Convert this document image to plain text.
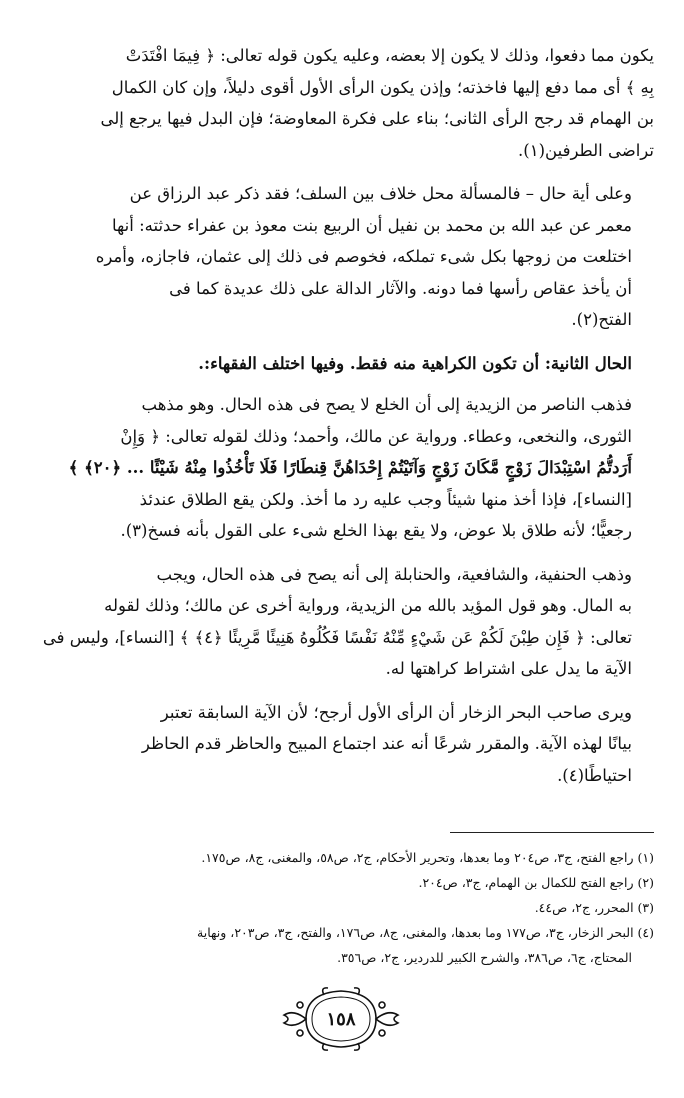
يكون مما دفعوا، وذلك لا يكون إلا بعضه، وعليه يكون قوله تعالى: ﴿ فِيمَا افْتَدَتْ
بِهِ ﴾ أى مما دفع إليها فاخذته؛ وإذن يكون الرأى الأول أقوى دليلاً، وإن كان الكمال
بن الهمام قد رجح الرأى الثانى؛ بناء على فكرة المعاوضة؛ فإن البدل فيها يرجع إلى
تراضى الطرفين(١).

وعلى أية حال – فالمسألة محل خلاف بين السلف؛ فقد ذكر عبد الرزاق عن
معمر عن عبد الله بن محمد بن نفيل أن الربيع بنت معوذ بن عفراء حدثته: أنها
اختلعت من زوجها بكل شىء تملكه، فخوصم فى ذلك إلى عثمان، فاجازه، وأمره
أن يأخذ عقاص رأسها فما دونه. والآثار الدالة على ذلك عديدة كما فى
الفتح(٢).

الحال الثانية: أن تكون الكراهية منه فقط. وفيها اختلف الفقهاء:.

فذهب الناصر من الزيدية إلى أن الخلع لا يصح فى هذه الحال. وهو مذهب
الثورى، والنخعى، وعطاء. ورواية عن مالك، وأحمد؛ وذلك لقوله تعالى: ﴿ وَإِنْ
أَرَدتُّمُ اسْتِبْدَالَ زَوْجٍ مَّكَانَ زَوْجٍ وَآتَيْتُمْ إِحْدَاهُنَّ قِنطَارًا فَلَا تَأْخُذُوا مِنْهُ شَيْئًا ... ﴿٢٠﴾ ﴾
[النساء]، فإذا أخذ منها شيئاً وجب عليه رد ما أخذ. ولكن يقع الطلاق عندئذ
رجعيًّا؛ لأنه طلاق بلا عوض، ولا يقع بهذا الخلع شىء على القول بأنه فسخ(٣).

وذهب الحنفية، والشافعية، والحنابلة إلى أنه يصح فى هذه الحال، ويجب
به المال. وهو قول المؤيد بالله من الزيدية، ورواية أخرى عن مالك؛ وذلك لقوله
تعالى: ﴿ فَإِن طِبْنَ لَكُمْ عَن شَيْءٍ مِّنْهُ نَفْسًا فَكُلُوهُ هَنِيئًا مَّرِيئًا ﴿٤﴾ ﴾ [النساء]، وليس فى
الآية ما يدل على اشتراط كراهتها له.

ويرى صاحب البحر الزخار أن الرأى الأول أرجح؛ لأن الآية السابقة تعتبر
بيانًا لهذه الآية. والمقرر شرعًا أنه عند اجتماع المبيح والحاظر قدم الحاظر
احتياطًا(٤).

(١) راجع الفتح، ج٣، ص٢٠٤ وما بعدها، وتحرير الأحكام، ج٢، ص٥٨، والمغنى، ج٨، ص١٧٥.
(٢) راجع الفتح للكمال بن الهمام، ج٣، ص٢٠٤.
(٣) المحرر، ج٢، ص٤٤.
(٤) البحر الزخار، ج٣، ص١٧٧ وما بعدها، والمغنى، ج٨، ص١٧٦، والفتح، ج٣، ص٢٠٣، ونهاية
المحتاج، ج٦، ص٣٨٦، والشرح الكبير للدردير، ج٢، ص٣٥٦.
١٥٨
